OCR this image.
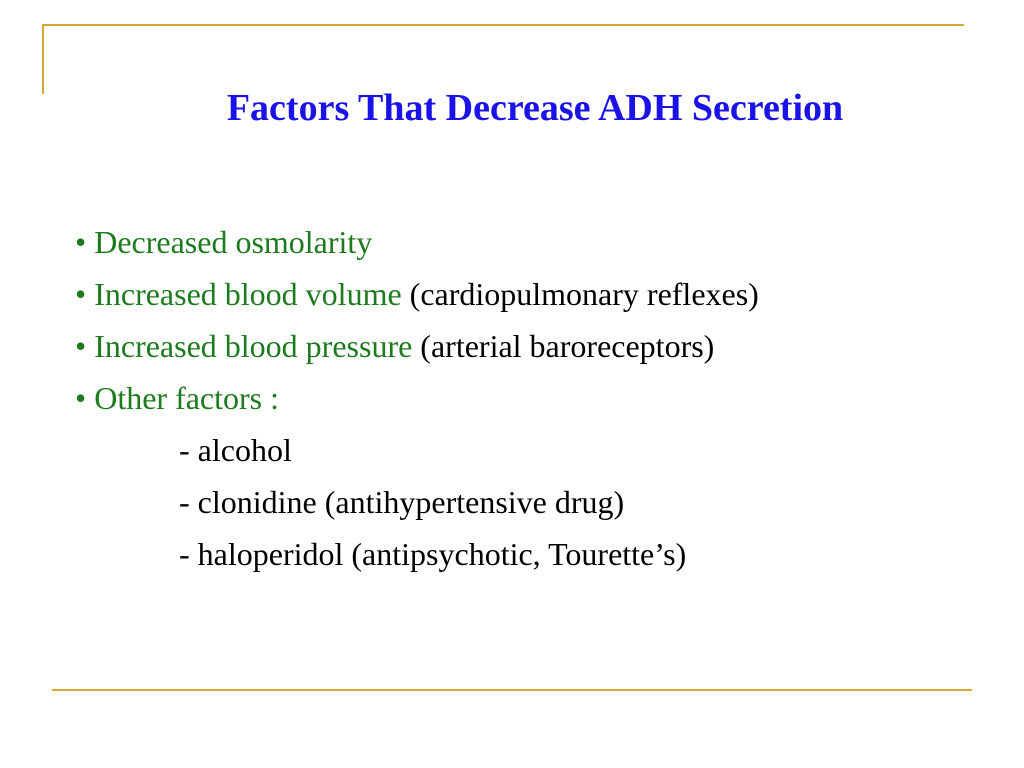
Factors That Decrease ADH Secretion
• Decreased osmolarity
• Increased blood volume (cardiopulmonary reflexes)
• Increased blood pressure (arterial baroreceptors)
• Other factors :
- alcohol
- clonidine (antihypertensive drug)
- haloperidol (antipsychotic, Tourette’s)
